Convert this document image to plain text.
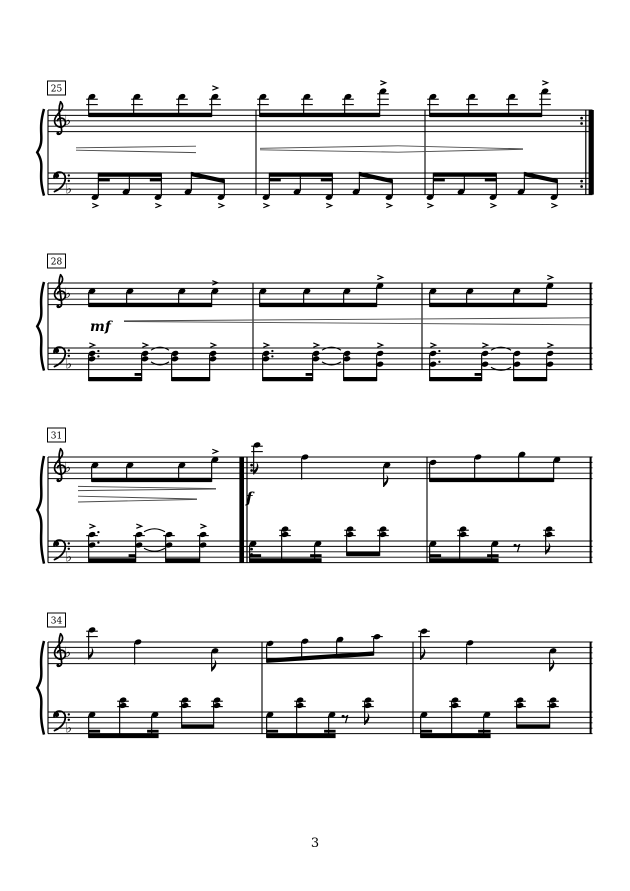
25
♭
♭
28
♭
♭
mf
31
♭
♭
f
34
♭
♭
3
